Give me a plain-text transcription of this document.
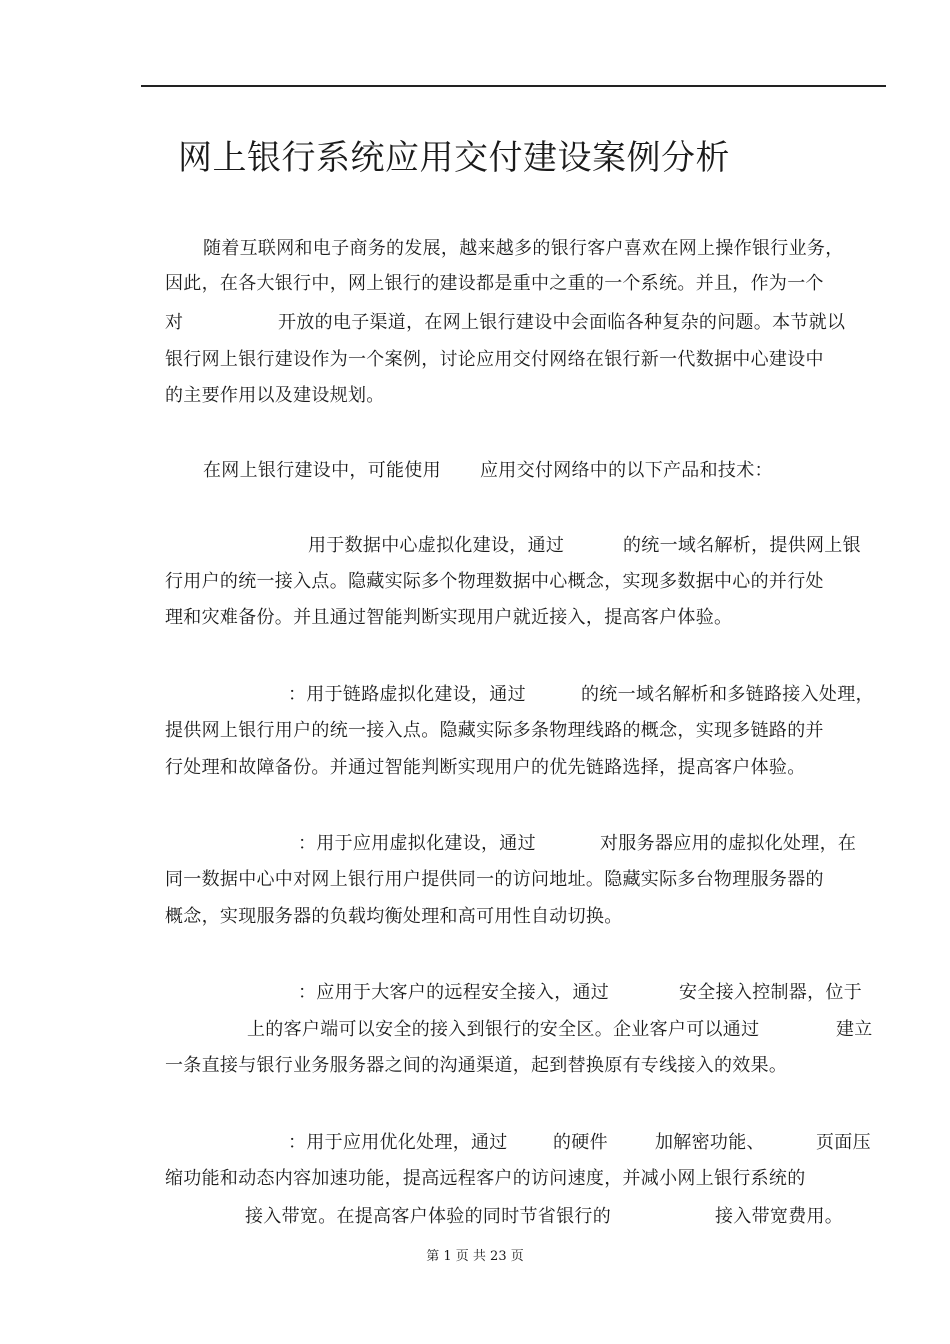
网上银行系统应用交付建设案例分析
随着互联网和电子商务的发展，越来越多的银行客户喜欢在网上操作银行业务，
因此，在各大银行中，网上银行的建设都是重中之重的一个系统。并且，作为一个
对	开放的电子渠道，在网上银行建设中会面临各种复杂的问题。本节就以
银行网上银行建设作为一个案例，讨论应用交付网络在银行新一代数据中心建设中
的主要作用以及建设规划。
在网上银行建设中，可能使用 应用交付网络中的以下产品和技术：
用于数据中心虚拟化建设，通过	的统一域名解析，提供网上银
行用户的统一接入点。隐藏实际多个物理数据中心概念，实现多数据中心的并行处
理和灾难备份。并且通过智能判断实现用户就近接入，提高客户体验。
：用于链路虚拟化建设，通过	的统一域名解析和多链路接入处理，
提供网上银行用户的统一接入点。隐藏实际多条物理线路的概念，实现多链路的并
行处理和故障备份。并通过智能判断实现用户的优先链路选择，提高客户体验。
：用于应用虚拟化建设，通过	对服务器应用的虚拟化处理，在
同一数据中心中对网上银行用户提供同一的访问地址。隐藏实际多台物理服务器的
概念，实现服务器的负载均衡处理和高可用性自动切换。
：应用于大客户的远程安全接入，通过	安全接入控制器，位于
上的客户端可以安全的接入到银行的安全区。企业客户可以通过	建立
一条直接与银行业务服务器之间的沟通渠道，起到替换原有专线接入的效果。
：用于应用优化处理，通过	的硬件	加解密功能、	页面压
缩功能和动态内容加速功能，提高远程客户的访问速度，并减小网上银行系统的
接入带宽。在提高客户体验的同时节省银行的	接入带宽费用。
第 1 页 共 23 页
